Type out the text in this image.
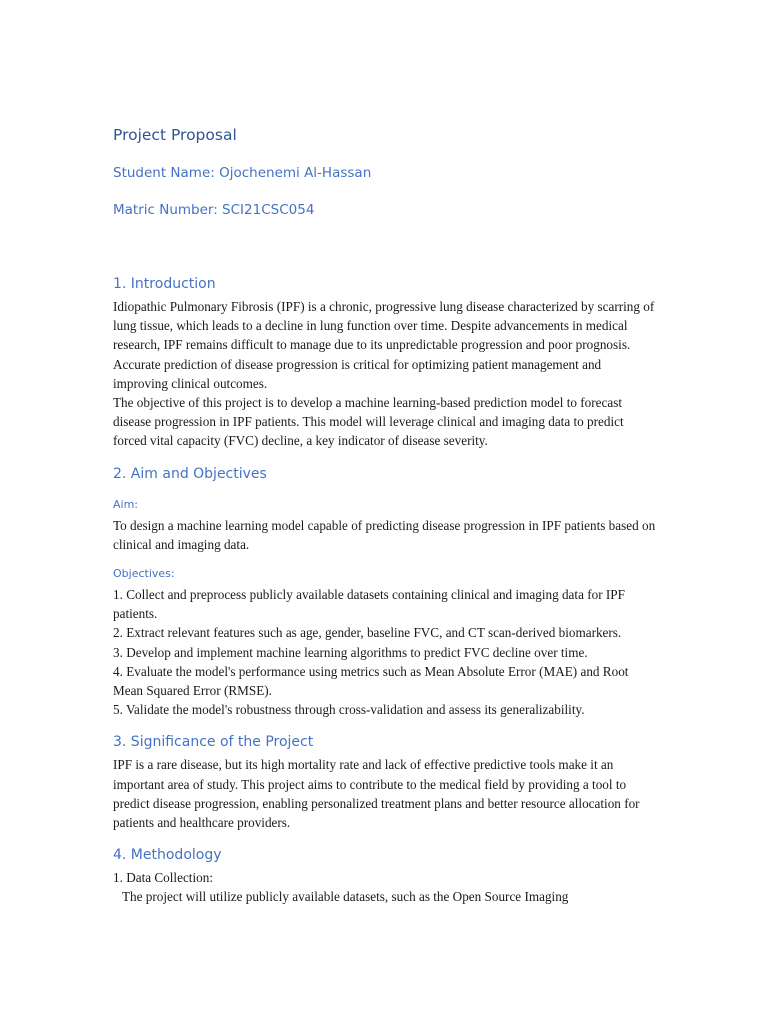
Project Proposal
Student Name: Ojochenemi Al-Hassan
Matric Number: SCI21CSC054
1. Introduction

Idiopathic Pulmonary Fibrosis (IPF) is a chronic, progressive lung disease characterized by scarring of lung tissue, which leads to a decline in lung function over time. Despite advancements in medical research, IPF remains difficult to manage due to its unpredictable progression and poor prognosis. Accurate prediction of disease progression is critical for optimizing patient management and improving clinical outcomes.

The objective of this project is to develop a machine learning-based prediction model to forecast disease progression in IPF patients. This model will leverage clinical and imaging data to predict forced vital capacity (FVC) decline, a key indicator of disease severity.

2. Aim and Objectives
Aim:

To design a machine learning model capable of predicting disease progression in IPF patients based on clinical and imaging data.

Objectives:

1. Collect and preprocess publicly available datasets containing clinical and imaging data for IPF patients.

2. Extract relevant features such as age, gender, baseline FVC, and CT scan-derived biomarkers.

3. Develop and implement machine learning algorithms to predict FVC decline over time.

4. Evaluate the model's performance using metrics such as Mean Absolute Error (MAE) and Root Mean Squared Error (RMSE).

5. Validate the model's robustness through cross-validation and assess its generalizability.

3. Significance of the Project

IPF is a rare disease, but its high mortality rate and lack of effective predictive tools make it an important area of study. This project aims to contribute to the medical field by providing a tool to predict disease progression, enabling personalized treatment plans and better resource allocation for patients and healthcare providers.

4. Methodology

1. Data Collection:

The project will utilize publicly available datasets, such as the Open Source Imaging
